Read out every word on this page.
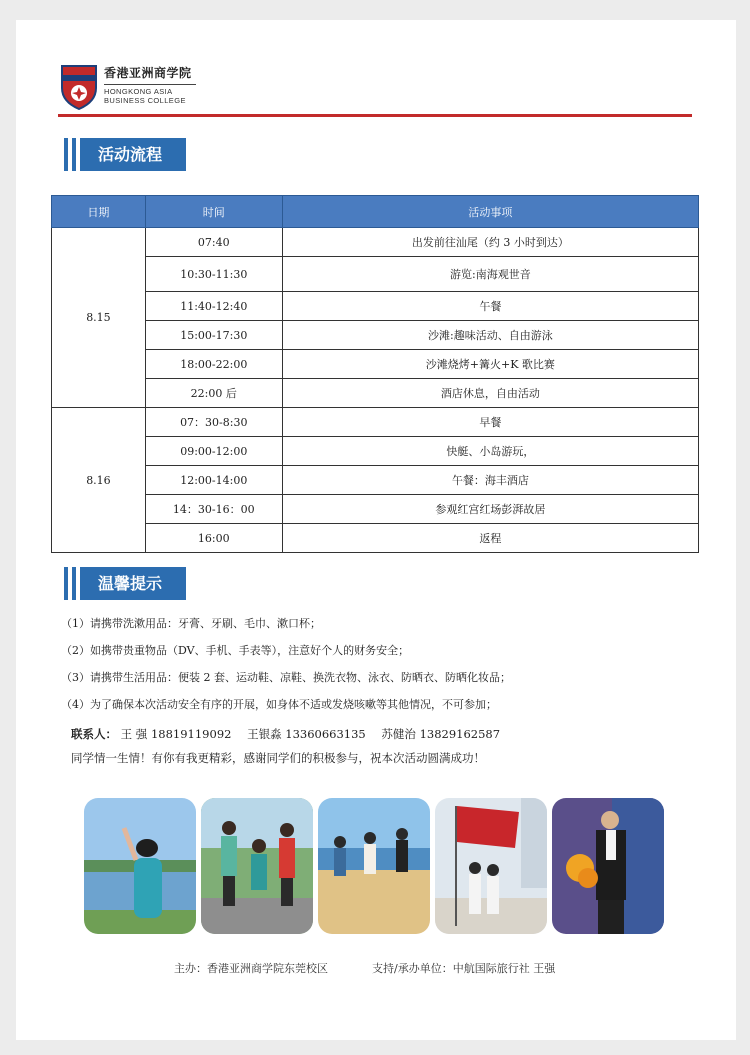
香港亚洲商学院
HONGKONG ASIA
BUSINESS COLLEGE
活动流程
日期	时间	活动事项
8.15	07:40	出发前往汕尾（约 3 小时到达）
	10:30-11:30	游览:南海观世音
	11:40-12:40	午餐
	15:00-17:30	沙滩:趣味活动、自由游泳
	18:00-22:00	沙滩烧烤+篝火+K 歌比赛
	22:00 后	酒店休息，自由活动
8.16	07：30-8:30	早餐
	09:00-12:00	快艇、小岛游玩，
	12:00-14:00	午餐：海丰酒店
	14：30-16：00	参观红宫红场彭湃故居
	16:00	返程
温馨提示
（1）请携带洗漱用品：牙膏、牙刷、毛巾、漱口杯；
（2）如携带贵重物品（DV、手机、手表等），注意好个人的财务安全；
（3）请携带生活用品：便装 2 套、运动鞋、凉鞋、换洗衣物、泳衣、防晒衣、防晒化妆品；
（4）为了确保本次活动安全有序的开展，如身体不适或发烧咳嗽等其他情况，不可参加；
联系人： 王 强 18819119092 王银淼 13360663135 苏健治 13829162587
同学情一生情！有你有我更精彩，感谢同学们的积极参与，祝本次活动圆满成功！
主办：香港亚洲商学院东莞校区	支持/承办单位：中航国际旅行社 王强
